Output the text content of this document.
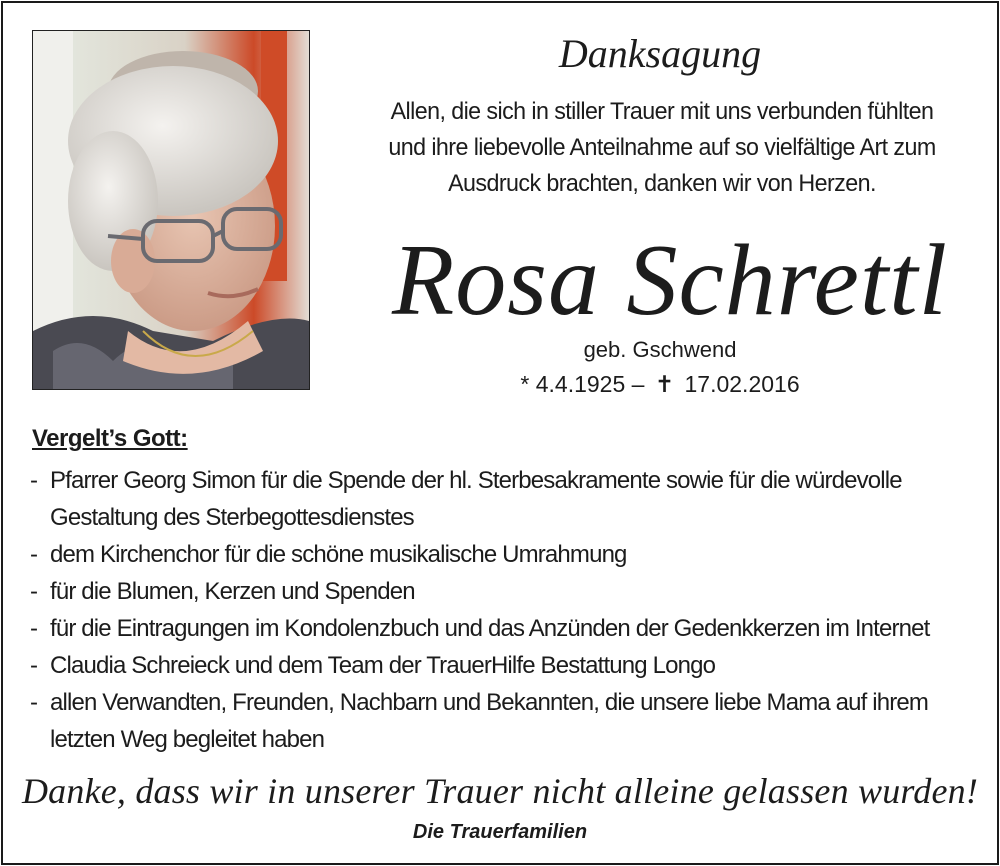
Danksagung
Allen, die sich in stiller Trauer mit uns verbunden fühlten
und ihre liebevolle Anteilnahme auf so vielfältige Art zum
Ausdruck brachten, danken wir von Herzen.
Rosa Schrettl
geb. Gschwend
* 4.4.1925 – ✝ 17.02.2016
Vergelt’s Gott:
- Pfarrer Georg Simon für die Spende der hl. Sterbesakramente sowie für die würdevolle
Gestaltung des Sterbegottesdienstes
- dem Kirchenchor für die schöne musikalische Umrahmung
- für die Blumen, Kerzen und Spenden
- für die Eintragungen im Kondolenzbuch und das Anzünden der Gedenkkerzen im Internet
- Claudia Schreieck und dem Team der TrauerHilfe Bestattung Longo
- allen Verwandten, Freunden, Nachbarn und Bekannten, die unsere liebe Mama auf ihrem
letzten Weg begleitet haben
Danke, dass wir in unserer Trauer nicht alleine gelassen wurden!
Die Trauerfamilien
